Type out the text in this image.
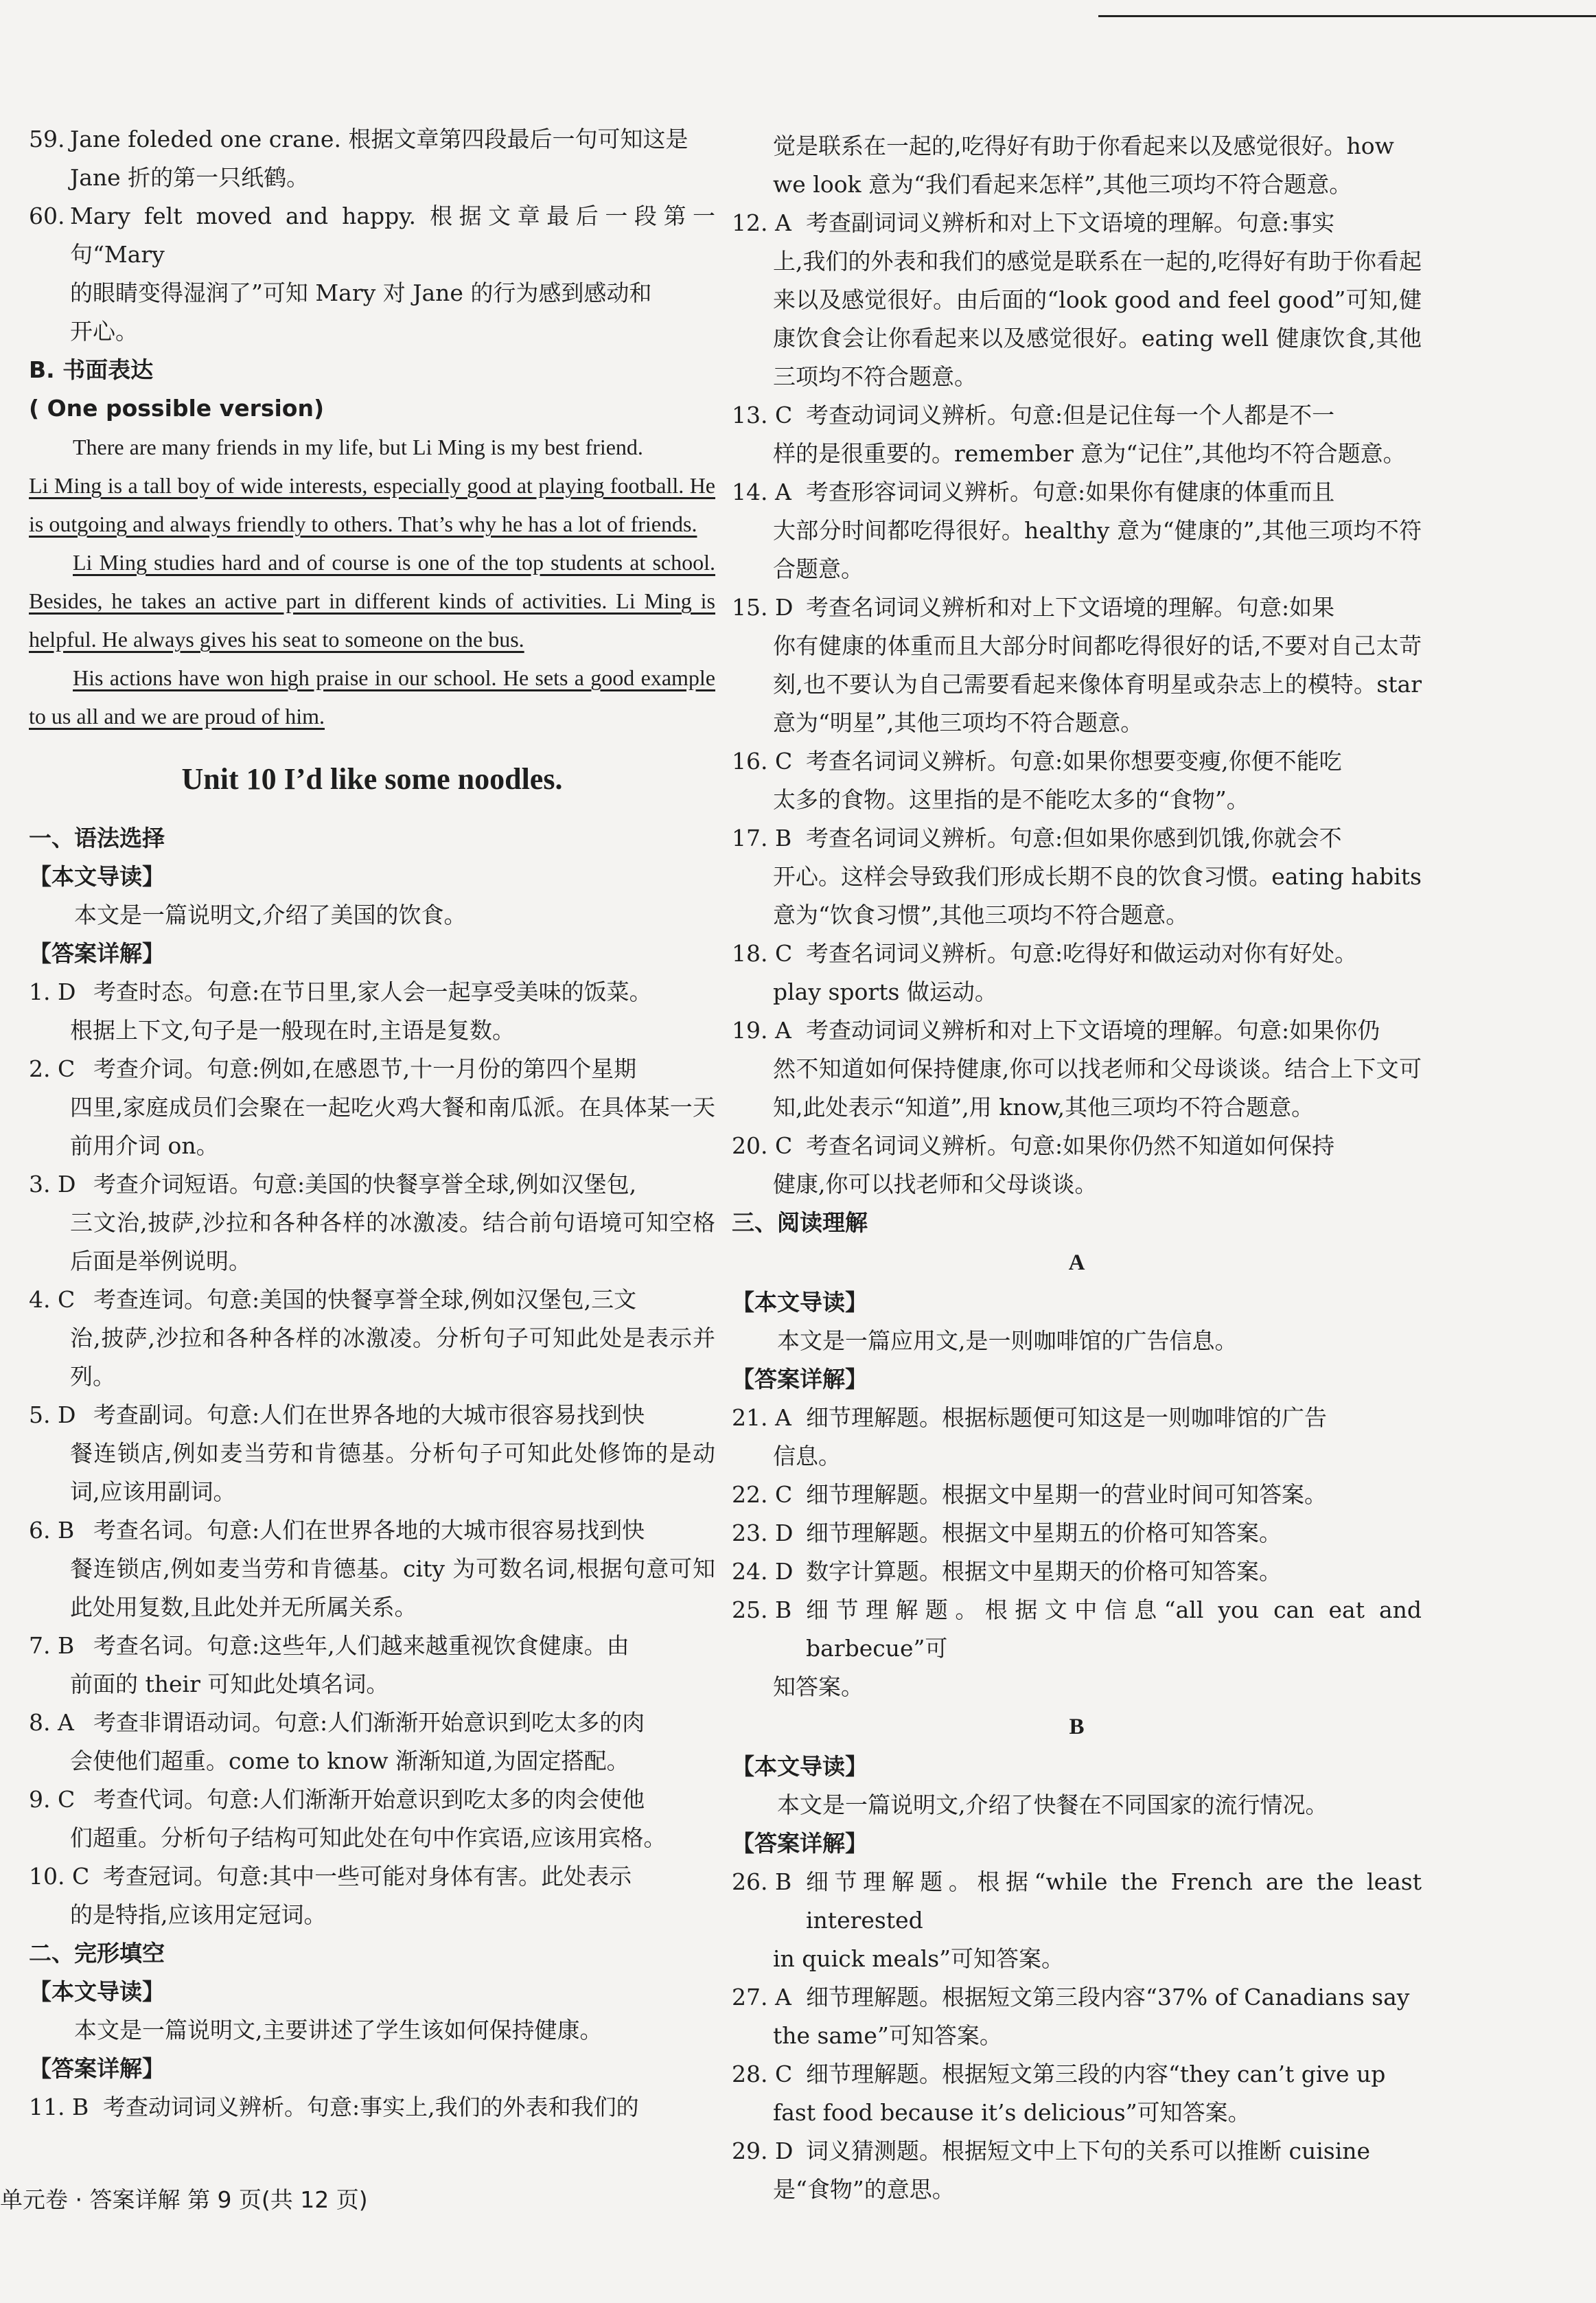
59. Jane foleded one crane. 根据文章第四段最后一句可知这是
Jane 折的第一只纸鹤。
60. Mary felt moved and happy. 根据文章最后一段第一句“Mary
的眼睛变得湿润了”可知 Mary 对 Jane 的行为感到感动和
开心。
B. 书面表达
( One possible version)
There are many friends in my life, but Li Ming is my best friend.
Li Ming is a tall boy of wide interests, especially good at playing football. He is outgoing and always friendly to others. That’s why he has a lot of friends.
Li Ming studies hard and of course is one of the top students at school. Besides, he takes an active part in different kinds of activities. Li Ming is helpful. He always gives his seat to someone on the bus.
His actions have won high praise in our school. He sets a good example to us all and we are proud of him.
Unit 10 I’d like some noodles.
一、语法选择
【本文导读】
本文是一篇说明文,介绍了美国的饮食。
【答案详解】
1. D 考查时态。句意:在节日里,家人会一起享受美味的饭菜。
根据上下文,句子是一般现在时,主语是复数。
2. C 考查介词。句意:例如,在感恩节,十一月份的第四个星期
四里,家庭成员们会聚在一起吃火鸡大餐和南瓜派。在具体某一天前用介词 on。
3. D 考查介词短语。句意:美国的快餐享誉全球,例如汉堡包,
三文治,披萨,沙拉和各种各样的冰激凌。结合前句语境可知空格后面是举例说明。
4. C 考查连词。句意:美国的快餐享誉全球,例如汉堡包,三文
治,披萨,沙拉和各种各样的冰激凌。分析句子可知此处是表示并列。
5. D 考查副词。句意:人们在世界各地的大城市很容易找到快
餐连锁店,例如麦当劳和肯德基。分析句子可知此处修饰的是动词,应该用副词。
6. B 考查名词。句意:人们在世界各地的大城市很容易找到快
餐连锁店,例如麦当劳和肯德基。city 为可数名词,根据句意可知此处用复数,且此处并无所属关系。
7. B 考查名词。句意:这些年,人们越来越重视饮食健康。由
前面的 their 可知此处填名词。
8. A 考查非谓语动词。句意:人们渐渐开始意识到吃太多的肉
会使他们超重。come to know 渐渐知道,为固定搭配。
9. C 考查代词。句意:人们渐渐开始意识到吃太多的肉会使他
们超重。分析句子结构可知此处在句中作宾语,应该用宾格。
10. C 考查冠词。句意:其中一些可能对身体有害。此处表示
的是特指,应该用定冠词。
二、完形填空
【本文导读】
本文是一篇说明文,主要讲述了学生该如何保持健康。
【答案详解】
11. B 考查动词词义辨析。句意:事实上,我们的外表和我们的
觉是联系在一起的,吃得好有助于你看起来以及感觉很好。how
we look 意为“我们看起来怎样”,其他三项均不符合题意。
12. A 考查副词词义辨析和对上下文语境的理解。句意:事实
上,我们的外表和我们的感觉是联系在一起的,吃得好有助于你看起来以及感觉很好。由后面的“look good and feel good”可知,健康饮食会让你看起来以及感觉很好。eating well 健康饮食,其他三项均不符合题意。
13. C 考查动词词义辨析。句意:但是记住每一个人都是不一
样的是很重要的。remember 意为“记住”,其他均不符合题意。
14. A 考查形容词词义辨析。句意:如果你有健康的体重而且
大部分时间都吃得很好。healthy 意为“健康的”,其他三项均不符合题意。
15. D 考查名词词义辨析和对上下文语境的理解。句意:如果
你有健康的体重而且大部分时间都吃得很好的话,不要对自己太苛刻,也不要认为自己需要看起来像体育明星或杂志上的模特。star 意为“明星”,其他三项均不符合题意。
16. C 考查名词词义辨析。句意:如果你想要变瘦,你便不能吃
太多的食物。这里指的是不能吃太多的“食物”。
17. B 考查名词词义辨析。句意:但如果你感到饥饿,你就会不
开心。这样会导致我们形成长期不良的饮食习惯。eating habits 意为“饮食习惯”,其他三项均不符合题意。
18. C 考查名词词义辨析。句意:吃得好和做运动对你有好处。
play sports 做运动。
19. A 考查动词词义辨析和对上下文语境的理解。句意:如果你仍
然不知道如何保持健康,你可以找老师和父母谈谈。结合上下文可知,此处表示“知道”,用 know,其他三项均不符合题意。
20. C 考查名词词义辨析。句意:如果你仍然不知道如何保持
健康,你可以找老师和父母谈谈。
三、阅读理解
A
【本文导读】
本文是一篇应用文,是一则咖啡馆的广告信息。
【答案详解】
21. A 细节理解题。根据标题便可知这是一则咖啡馆的广告
信息。
22. C 细节理解题。根据文中星期一的营业时间可知答案。
23. D 细节理解题。根据文中星期五的价格可知答案。
24. D 数字计算题。根据文中星期天的价格可知答案。
25. B 细节理解题。根据文中信息“all you can eat and barbecue”可
知答案。
B
【本文导读】
本文是一篇说明文,介绍了快餐在不同国家的流行情况。
【答案详解】
26. B 细节理解题。根据“while the French are the least interested
in quick meals”可知答案。
27. A 细节理解题。根据短文第三段内容“37% of Canadians say
the same”可知答案。
28. C 细节理解题。根据短文第三段的内容“they can’t give up
fast food because it’s delicious”可知答案。
29. D 词义猜测题。根据短文中上下句的关系可以推断 cuisine
是“食物”的意思。
单元卷 · 答案详解 第 9 页(共 12 页)
